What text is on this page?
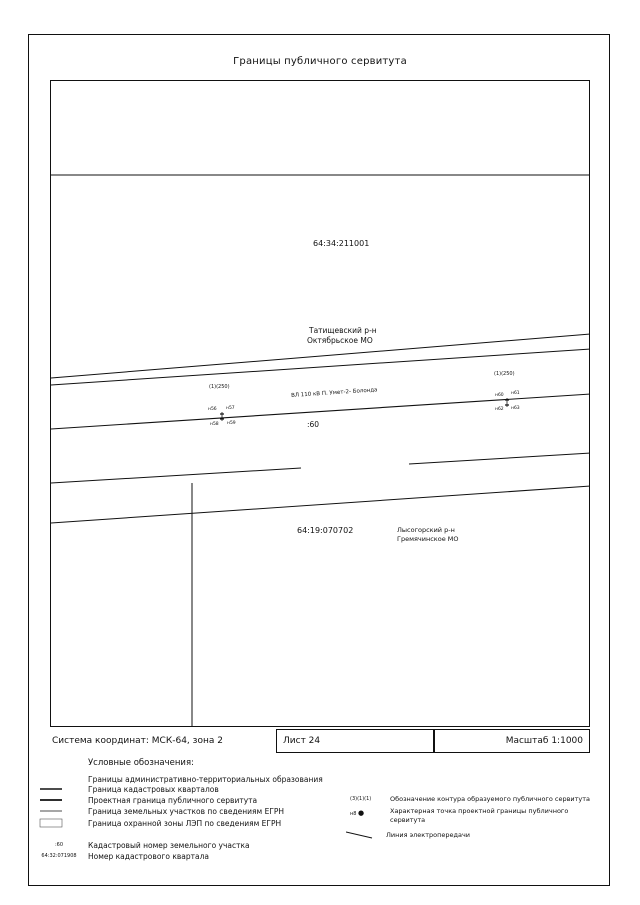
Границы публичного сервитута
64:34:211001
Татищевский р-н
Октябрьское МО
(1)(250)
(1)(250)
ВЛ 110 кВ П. Умет-2- Болонда
н56 н57
н58 н59
н60 н61
н62 н63
:60
64:19:070702	Лысогорский р-н
Гремячинское МО
Система координат: МСК-64, зона 2	Лист 24	Масштаб 1:1000
Условные обозначения:
Границы административно-территориальных образования
Граница кадастровых кварталов
Проектная граница публичного сервитута
Граница земельных участков по сведениям ЕГРН
Граница охранной зоны ЛЭП по сведениям ЕГРН
:60	Кадастровый номер земельного участка
64:32:071908	Номер кадастрового квартала
(3)(1)(1)	Обозначение контура образуемого публичного сервитута
н8 ●	Характерная точка проектной границы публичного сервитута
Линия электропередачи
